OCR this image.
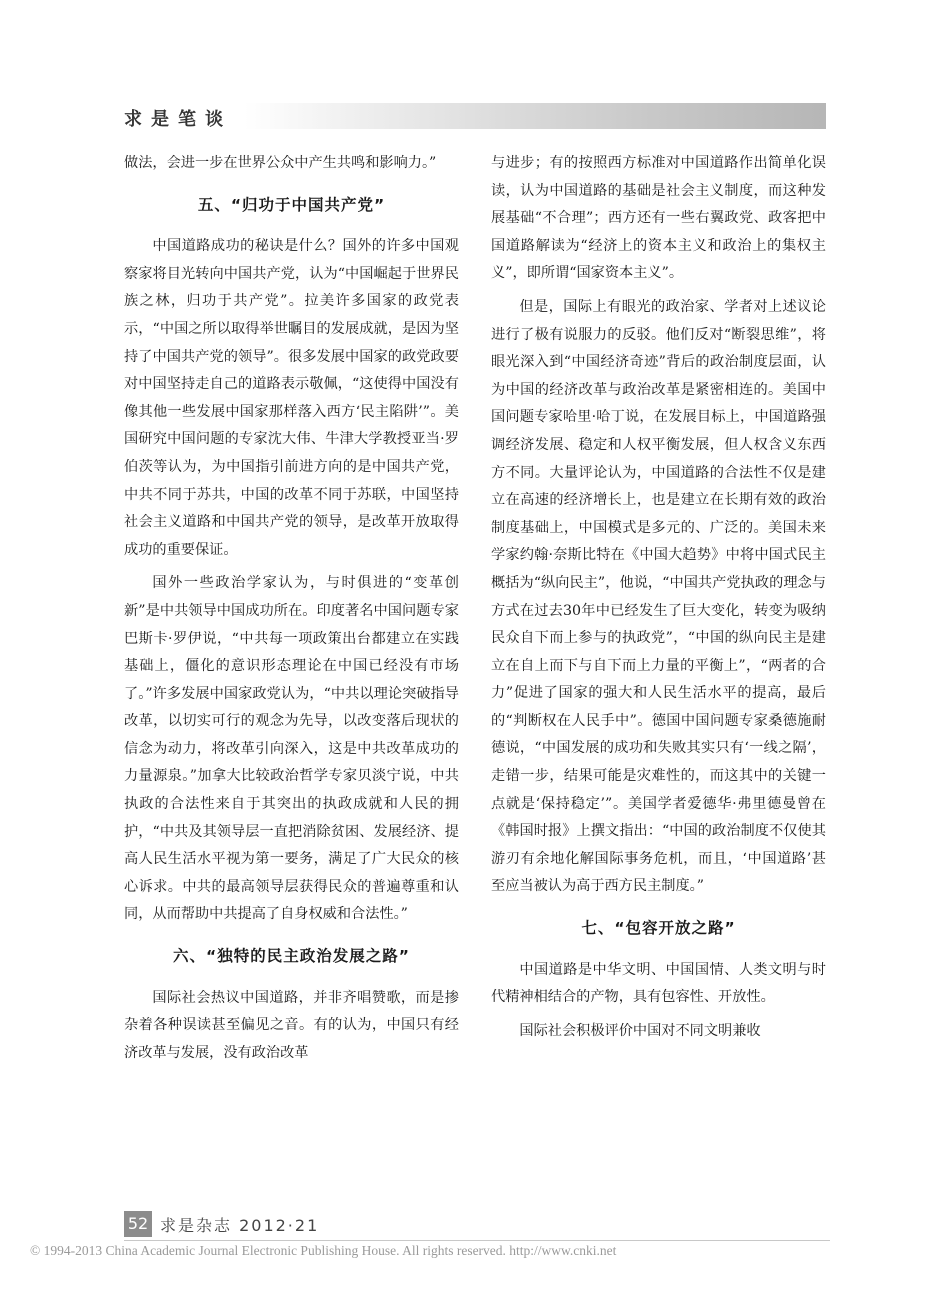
求是笔谈

做法，会进一步在世界公众中产生共鸣和影响力。”

五、“归功于中国共产党”

中国道路成功的秘诀是什么？国外的许多中国观察家将目光转向中国共产党，认为“中国崛起于世界民族之林，归功于共产党”。拉美许多国家的政党表示，“中国之所以取得举世瞩目的发展成就，是因为坚持了中国共产党的领导”。很多发展中国家的政党政要对中国坚持走自己的道路表示敬佩，“这使得中国没有像其他一些发展中国家那样落入西方‘民主陷阱’”。美国研究中国问题的专家沈大伟、牛津大学教授亚当·罗伯茨等认为，为中国指引前进方向的是中国共产党，中共不同于苏共，中国的改革不同于苏联，中国坚持社会主义道路和中国共产党的领导，是改革开放取得成功的重要保证。

国外一些政治学家认为，与时俱进的“变革创新”是中共领导中国成功所在。印度著名中国问题专家巴斯卡·罗伊说，“中共每一项政策出台都建立在实践基础上，僵化的意识形态理论在中国已经没有市场了。”许多发展中国家政党认为，“中共以理论突破指导改革，以切实可行的观念为先导，以改变落后现状的信念为动力，将改革引向深入，这是中共改革成功的力量源泉。”加拿大比较政治哲学专家贝淡宁说，中共执政的合法性来自于其突出的执政成就和人民的拥护，“中共及其领导层一直把消除贫困、发展经济、提高人民生活水平视为第一要务，满足了广大民众的核心诉求。中共的最高领导层获得民众的普遍尊重和认同，从而帮助中共提高了自身权威和合法性。”

六、“独特的民主政治发展之路”

国际社会热议中国道路，并非齐唱赞歌，而是掺杂着各种误读甚至偏见之音。有的认为，中国只有经济改革与发展，没有政治改革

与进步；有的按照西方标准对中国道路作出简单化误读，认为中国道路的基础是社会主义制度，而这种发展基础“不合理”；西方还有一些右翼政党、政客把中国道路解读为“经济上的资本主义和政治上的集权主义”，即所谓“国家资本主义”。

但是，国际上有眼光的政治家、学者对上述议论进行了极有说服力的反驳。他们反对“断裂思维”，将眼光深入到“中国经济奇迹”背后的政治制度层面，认为中国的经济改革与政治改革是紧密相连的。美国中国问题专家哈里·哈丁说，在发展目标上，中国道路强调经济发展、稳定和人权平衡发展，但人权含义东西方不同。大量评论认为，中国道路的合法性不仅是建立在高速的经济增长上，也是建立在长期有效的政治制度基础上，中国模式是多元的、广泛的。美国未来学家约翰·奈斯比特在《中国大趋势》中将中国式民主概括为“纵向民主”，他说，“中国共产党执政的理念与方式在过去30年中已经发生了巨大变化，转变为吸纳民众自下而上参与的执政党”，“中国的纵向民主是建立在自上而下与自下而上力量的平衡上”，“两者的合力”促进了国家的强大和人民生活水平的提高，最后的“判断权在人民手中”。德国中国问题专家桑德施耐德说，“中国发展的成功和失败其实只有‘一线之隔’，走错一步，结果可能是灾难性的，而这其中的关键一点就是‘保持稳定’”。美国学者爱德华·弗里德曼曾在《韩国时报》上撰文指出：“中国的政治制度不仅使其游刃有余地化解国际事务危机，而且，‘中国道路’甚至应当被认为高于西方民主制度。”

七、“包容开放之路”

中国道路是中华文明、中国国情、人类文明与时代精神相结合的产物，具有包容性、开放性。

国际社会积极评价中国对不同文明兼收

52 求是杂志 2012·21
© 1994-2013 China Academic Journal Electronic Publishing House. All rights reserved. http://www.cnki.net
